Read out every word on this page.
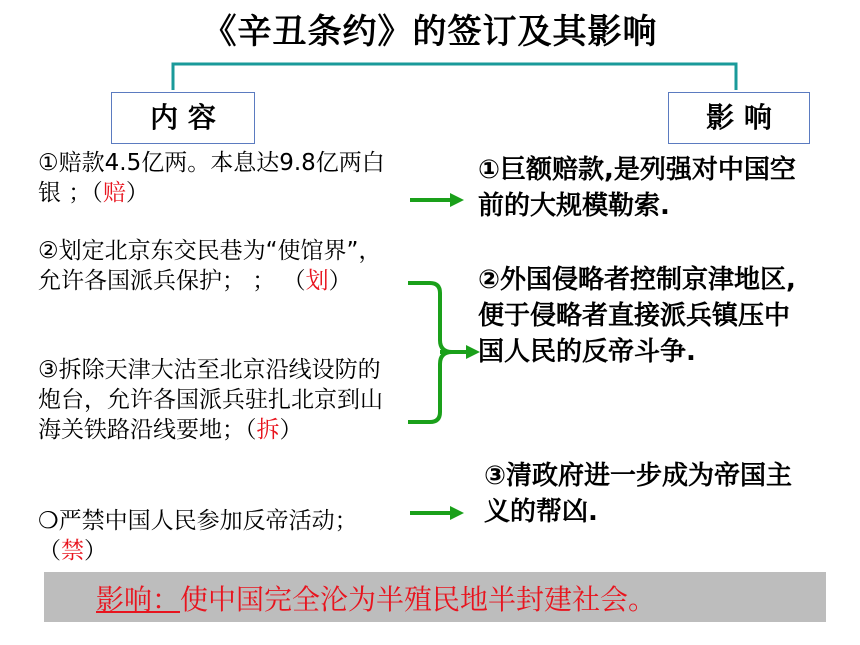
《辛丑条约》的签订及其影响
内 容	影 响
①赔款4.5亿两。本息达9.8亿两白银 ；（赔）
②划定北京东交民巷为“使馆界”，允许各国派兵保护； ； （划）
③拆除天津大沽至北京沿线设防的炮台，允许各国派兵驻扎北京到山海关铁路沿线要地；（拆）
❍严禁中国人民参加反帝活动；（禁）
①巨额赔款,是列强对中国空前的大规模勒索.
②外国侵略者控制京津地区,便于侵略者直接派兵镇压中国人民的反帝斗争.
③清政府进一步成为帝国主义的帮凶.
影响：使中国完全沦为半殖民地半封建社会。
